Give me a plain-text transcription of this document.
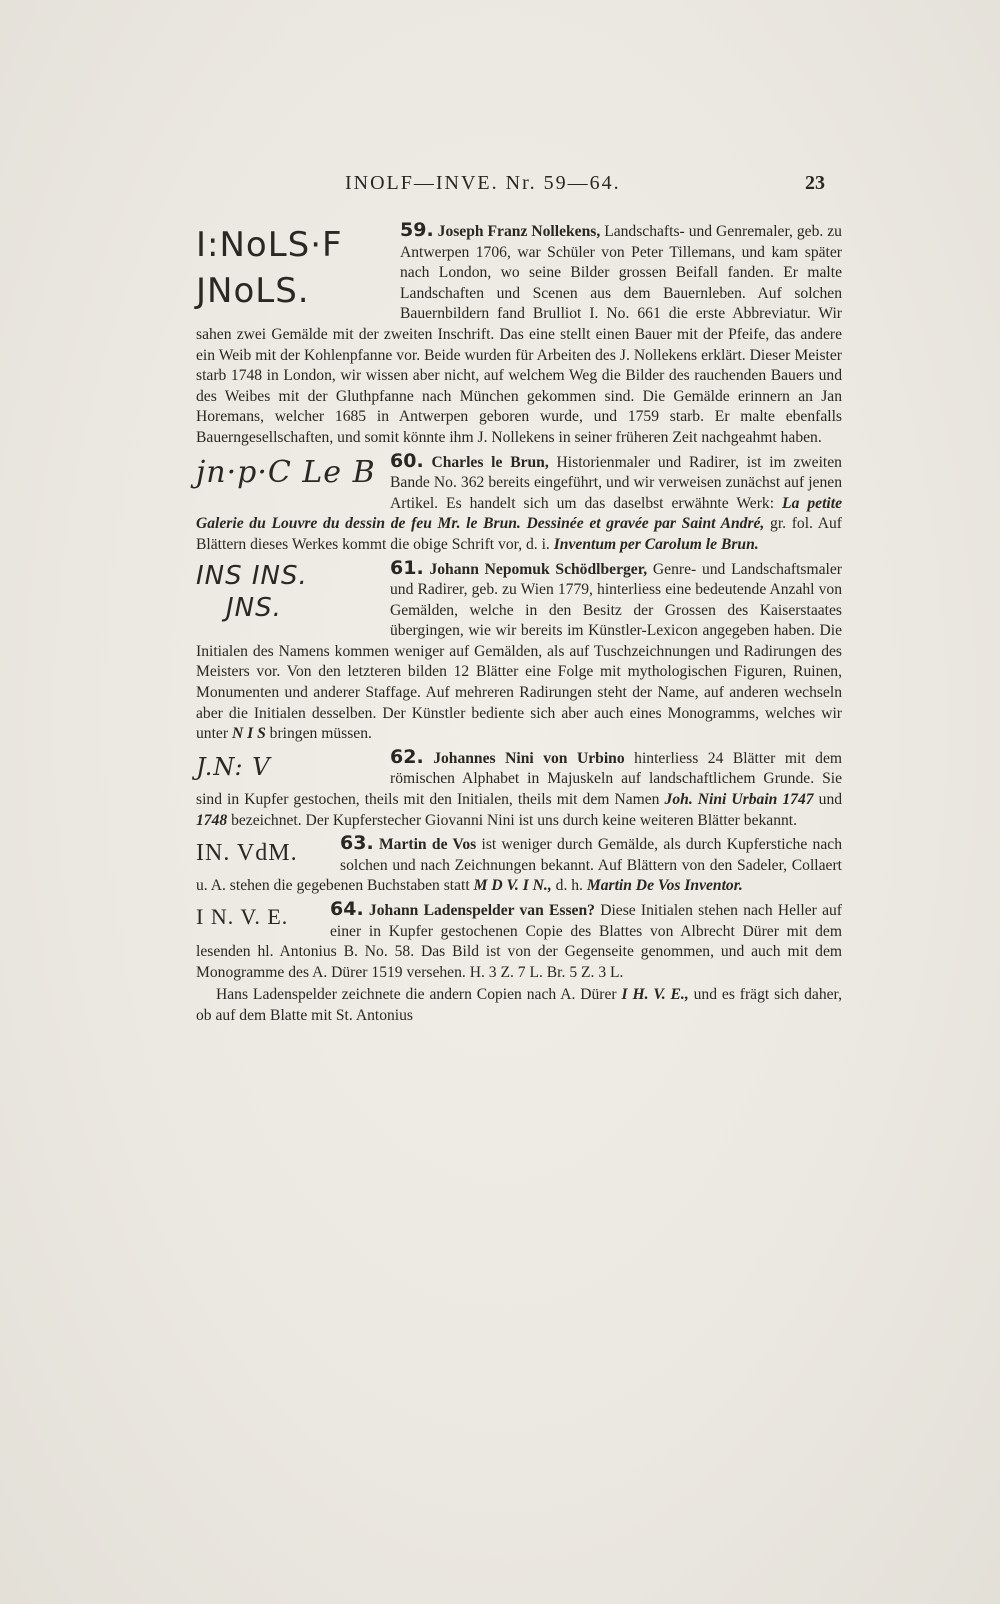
INOLF—INVE. Nr. 59—64.	23
I:NoLS·F
JNoLS.

59. Joseph Franz Nollekens, Landschafts- und Genremaler, geb. zu Antwerpen 1706, war Schüler von Peter Tillemans, und kam später nach London, wo seine Bilder grossen Beifall fanden. Er malte Landschaften und Scenen aus dem Bauernleben. Auf solchen Bauernbildern fand Brulliot I. No. 661 die erste Abbreviatur. Wir sahen zwei Gemälde mit der zweiten Inschrift. Das eine stellt einen Bauer mit der Pfeife, das andere ein Weib mit der Kohlenpfanne vor. Beide wurden für Arbeiten des J. Nollekens erklärt. Dieser Meister starb 1748 in London, wir wissen aber nicht, auf welchem Weg die Bilder des rauchenden Bauers und des Weibes mit der Gluthpfanne nach München gekommen sind. Die Gemälde erinnern an Jan Horemans, welcher 1685 in Antwerpen geboren wurde, und 1759 starb. Er malte ebenfalls Bauerngesellschaften, und somit könnte ihm J. Nollekens in seiner früheren Zeit nachgeahmt haben.

jn·p·C Le B 60. Charles le Brun, Historienmaler und Radirer, ist im zweiten Bande No. 362 bereits eingeführt, und wir verweisen zunächst auf jenen Artikel. Es handelt sich um das daselbst erwähnte Werk: La petite Galerie du Louvre du dessin de feu Mr. le Brun. Dessinée et gravée par Saint André, gr. fol. Auf Blättern dieses Werkes kommt die obige Schrift vor, d. i. Inventum per Carolum le Brun.

INS INS.
JNS.

61. Johann Nepomuk Schödlberger, Genre- und Landschaftsmaler und Radirer, geb. zu Wien 1779, hinterliess eine bedeutende Anzahl von Gemälden, welche in den Besitz der Grossen des Kaiserstaates übergingen, wie wir bereits im Künstler-Lexicon angegeben haben. Die Initialen des Namens kommen weniger auf Gemälden, als auf Tuschzeichnungen und Radirungen des Meisters vor. Von den letzteren bilden 12 Blätter eine Folge mit mythologischen Figuren, Ruinen, Monumenten und anderer Staffage. Auf mehreren Radirungen steht der Name, auf anderen wechseln aber die Initialen desselben. Der Künstler bediente sich aber auch eines Monogramms, welches wir unter N I S bringen müssen.

J.N: V	62. Johannes Nini von Urbino hinterliess 24 Blätter mit dem römischen Alphabet in Majuskeln auf landschaftlichem Grunde. Sie sind in Kupfer gestochen, theils mit den Initialen, theils mit dem Namen Joh. Nini Urbain 1747 und 1748 bezeichnet. Der Kupferstecher Giovanni Nini ist uns durch keine weiteren Blätter bekannt.

IN. VdM.	63. Martin de Vos ist weniger durch Gemälde, als durch Kupferstiche nach solchen und nach Zeichnungen bekannt. Auf Blättern von den Sadeler, Collaert u. A. stehen die gegebenen Buchstaben statt M D V. I N., d. h. Martin De Vos Inventor.

I N. V. E.	64. Johann Ladenspelder van Essen? Diese Initialen stehen nach Heller auf einer in Kupfer gestochenen Copie des Blattes von Albrecht Dürer mit dem lesenden hl. Antonius B. No. 58. Das Bild ist von der Gegenseite genommen, und auch mit dem Monogramme des A. Dürer 1519 versehen. H. 3 Z. 7 L. Br. 5 Z. 3 L.

Hans Ladenspelder zeichnete die andern Copien nach A. Dürer I H. V. E., und es frägt sich daher, ob auf dem Blatte mit St. Antonius
